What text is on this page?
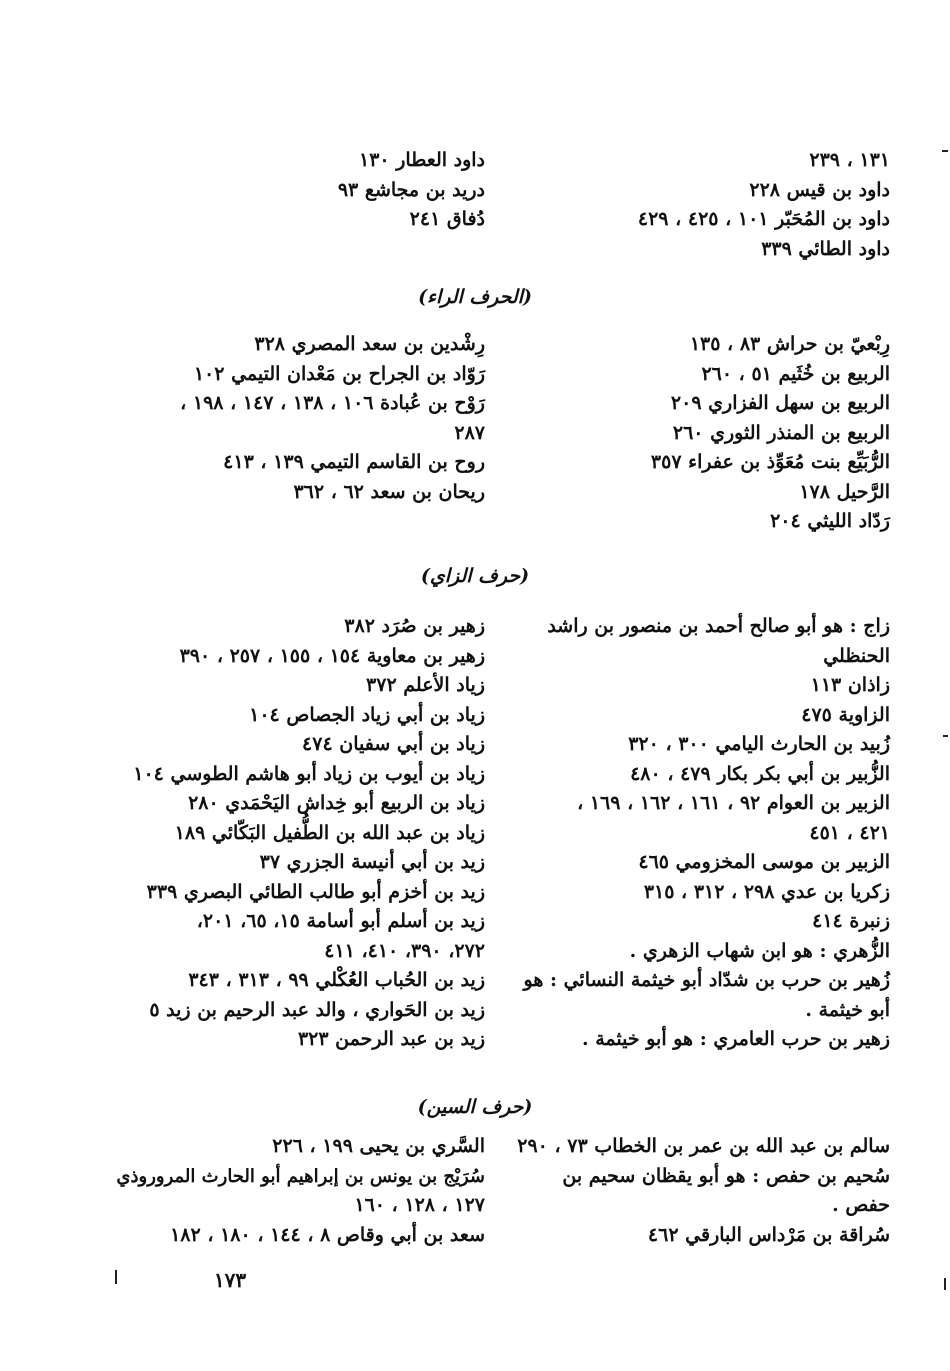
١٣١ ، ٢٣٩
داود بن قيس ٢٢٨
داود بن المُحَبّر ١٠١ ، ٤٢٥ ، ٤٢٩
داود الطائي ٣٣٩
داود العطار ١٣٠
دريد بن مجاشع ٩٣
دُفاق ٢٤١
(الحرف الراء)
رِبْعيّ بن حراش ٨٣ ، ١٣٥
الربيع بن خُثَيم ٥١ ، ٢٦٠
الربيع بن سهل الفزاري ٢٠٩
الربيع بن المنذر الثوري ٢٦٠
الرُّبَيِّع بنت مُعَوِّذ بن عفراء ٣٥٧
الرَّحيل ١٧٨
رَدّاد الليثي ٢٠٤
رِشْدين بن سعد المصري ٣٢٨
رَوّاد بن الجراح بن مَعْدان التيمي ١٠٢
رَوْح بن عُبادة ١٠٦ ، ١٣٨ ، ١٤٧ ، ١٩٨ ،
٢٨٧
روح بن القاسم التيمي ١٣٩ ، ٤١٣
ريحان بن سعد ٦٢ ، ٣٦٢
(حرف الزاي)
زاج : هو أبو صالح أحمد بن منصور بن راشد
الحنظلي
زاذان ١١٣
الزاوية ٤٧٥
زُبيد بن الحارث اليامي ٣٠٠ ، ٣٢٠
الزُّبير بن أبي بكر بكار ٤٧٩ ، ٤٨٠
الزبير بن العوام ٩٢ ، ١٦١ ، ١٦٢ ، ١٦٩ ،
٤٢١ ، ٤٥١
الزبير بن موسى المخزومي ٤٦٥
زكريا بن عدي ٢٩٨ ، ٣١٢ ، ٣١٥
زنبرة ٤١٤
الزُّهري : هو ابن شهاب الزهري .
زُهير بن حرب بن شدّاد أبو خيثمة النسائي : هو
أبو خيثمة .
زهير بن حرب العامري : هو أبو خيثمة .
زهير بن صُرَد ٣٨٢
زهير بن معاوية ١٥٤ ، ١٥٥ ، ٢٥٧ ، ٣٩٠
زياد الأعلم ٣٧٢
زياد بن أبي زياد الجصاص ١٠٤
زياد بن أبي سفيان ٤٧٤
زياد بن أيوب بن زياد أبو هاشم الطوسي ١٠٤
زياد بن الربيع أبو خِداش اليَحْمَدي ٢٨٠
زياد بن عبد الله بن الطُّفيل البَكّائي ١٨٩
زيد بن أبي أنيسة الجزري ٣٧
زيد بن أخزم أبو طالب الطائي البصري ٣٣٩
زيد بن أسلم أبو أسامة ١٥، ٦٥، ٢٠١،
٢٧٢، ٣٩٠، ٤١٠، ٤١١
زيد بن الحُباب العُكْلي ٩٩ ، ٣١٣ ، ٣٤٣
زيد بن الحَواري ، والد عبد الرحيم بن زيد ٥
زيد بن عبد الرحمن ٣٢٣
(حرف السين)
سالم بن عبد الله بن عمر بن الخطاب ٧٣ ، ٢٩٠
سُحيم بن حفص : هو أبو يقظان سحيم بن
حفص .
سُراقة بن مَرْداس البارقي ٤٦٢
السَّري بن يحيى ١٩٩ ، ٢٢٦
سُرَيْج بن يونس بن إبراهيم أبو الحارث المروروذي
١٢٧ ، ١٢٨ ، ١٦٠
سعد بن أبي وقاص ٨ ، ١٤٤ ، ١٨٠ ، ١٨٢
١٧٣
